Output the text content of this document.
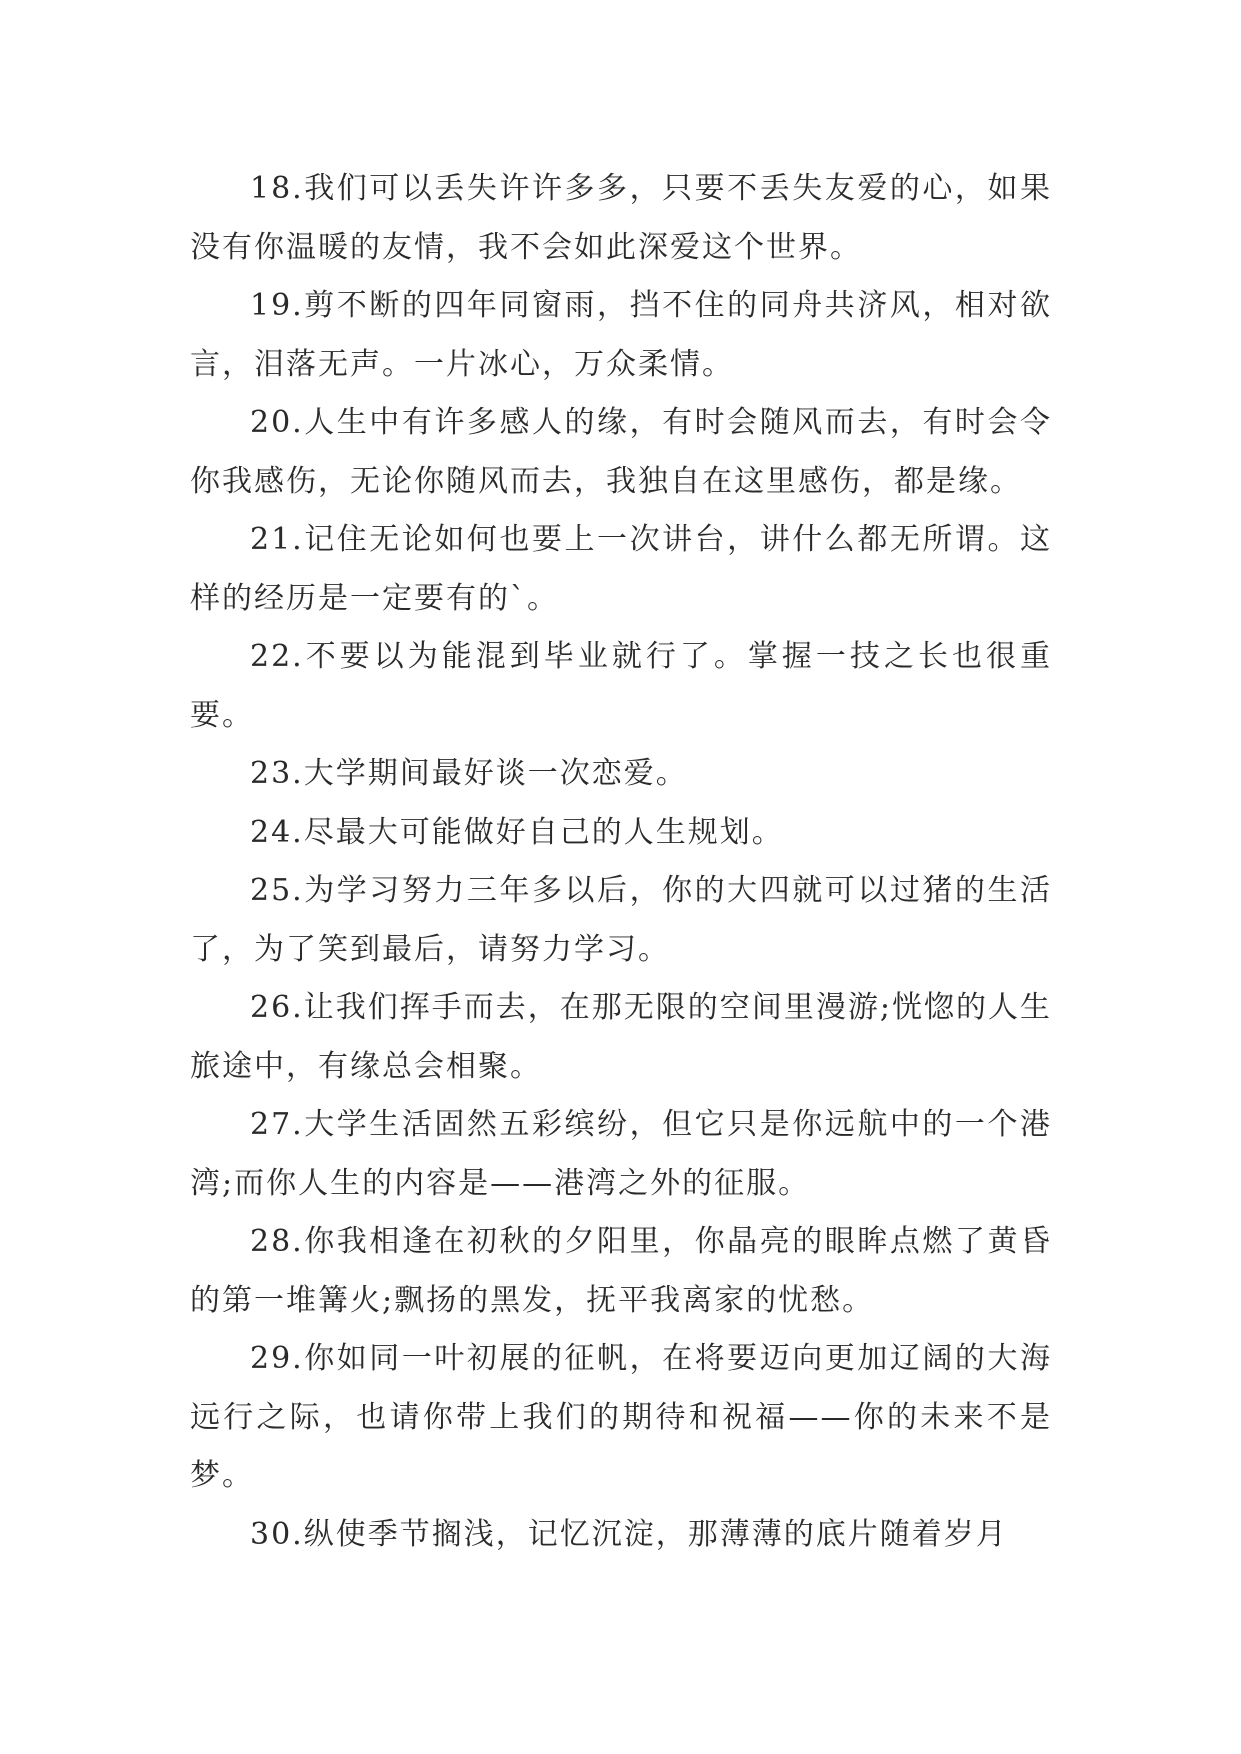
18.我们可以丢失许许多多，只要不丢失友爱的心，如果没有你温暖的友情，我不会如此深爱这个世界。

19.剪不断的四年同窗雨，挡不住的同舟共济风，相对欲言，泪落无声。一片冰心，万众柔情。

20.人生中有许多感人的缘，有时会随风而去，有时会令你我感伤，无论你随风而去，我独自在这里感伤，都是缘。

21.记住无论如何也要上一次讲台，讲什么都无所谓。这样的经历是一定要有的`。

22.不要以为能混到毕业就行了。掌握一技之长也很重要。

23.大学期间最好谈一次恋爱。

24.尽最大可能做好自己的人生规划。

25.为学习努力三年多以后，你的大四就可以过猪的生活了，为了笑到最后，请努力学习。

26.让我们挥手而去，在那无限的空间里漫游;恍惚的人生旅途中，有缘总会相聚。

27.大学生活固然五彩缤纷，但它只是你远航中的一个港湾;而你人生的内容是——港湾之外的征服。

28.你我相逢在初秋的夕阳里，你晶亮的眼眸点燃了黄昏的第一堆篝火;飘扬的黑发，抚平我离家的忧愁。

29.你如同一叶初展的征帆，在将要迈向更加辽阔的大海远行之际，也请你带上我们的期待和祝福——你的未来不是梦。

30.纵使季节搁浅，记忆沉淀，那薄薄的底片随着岁月
